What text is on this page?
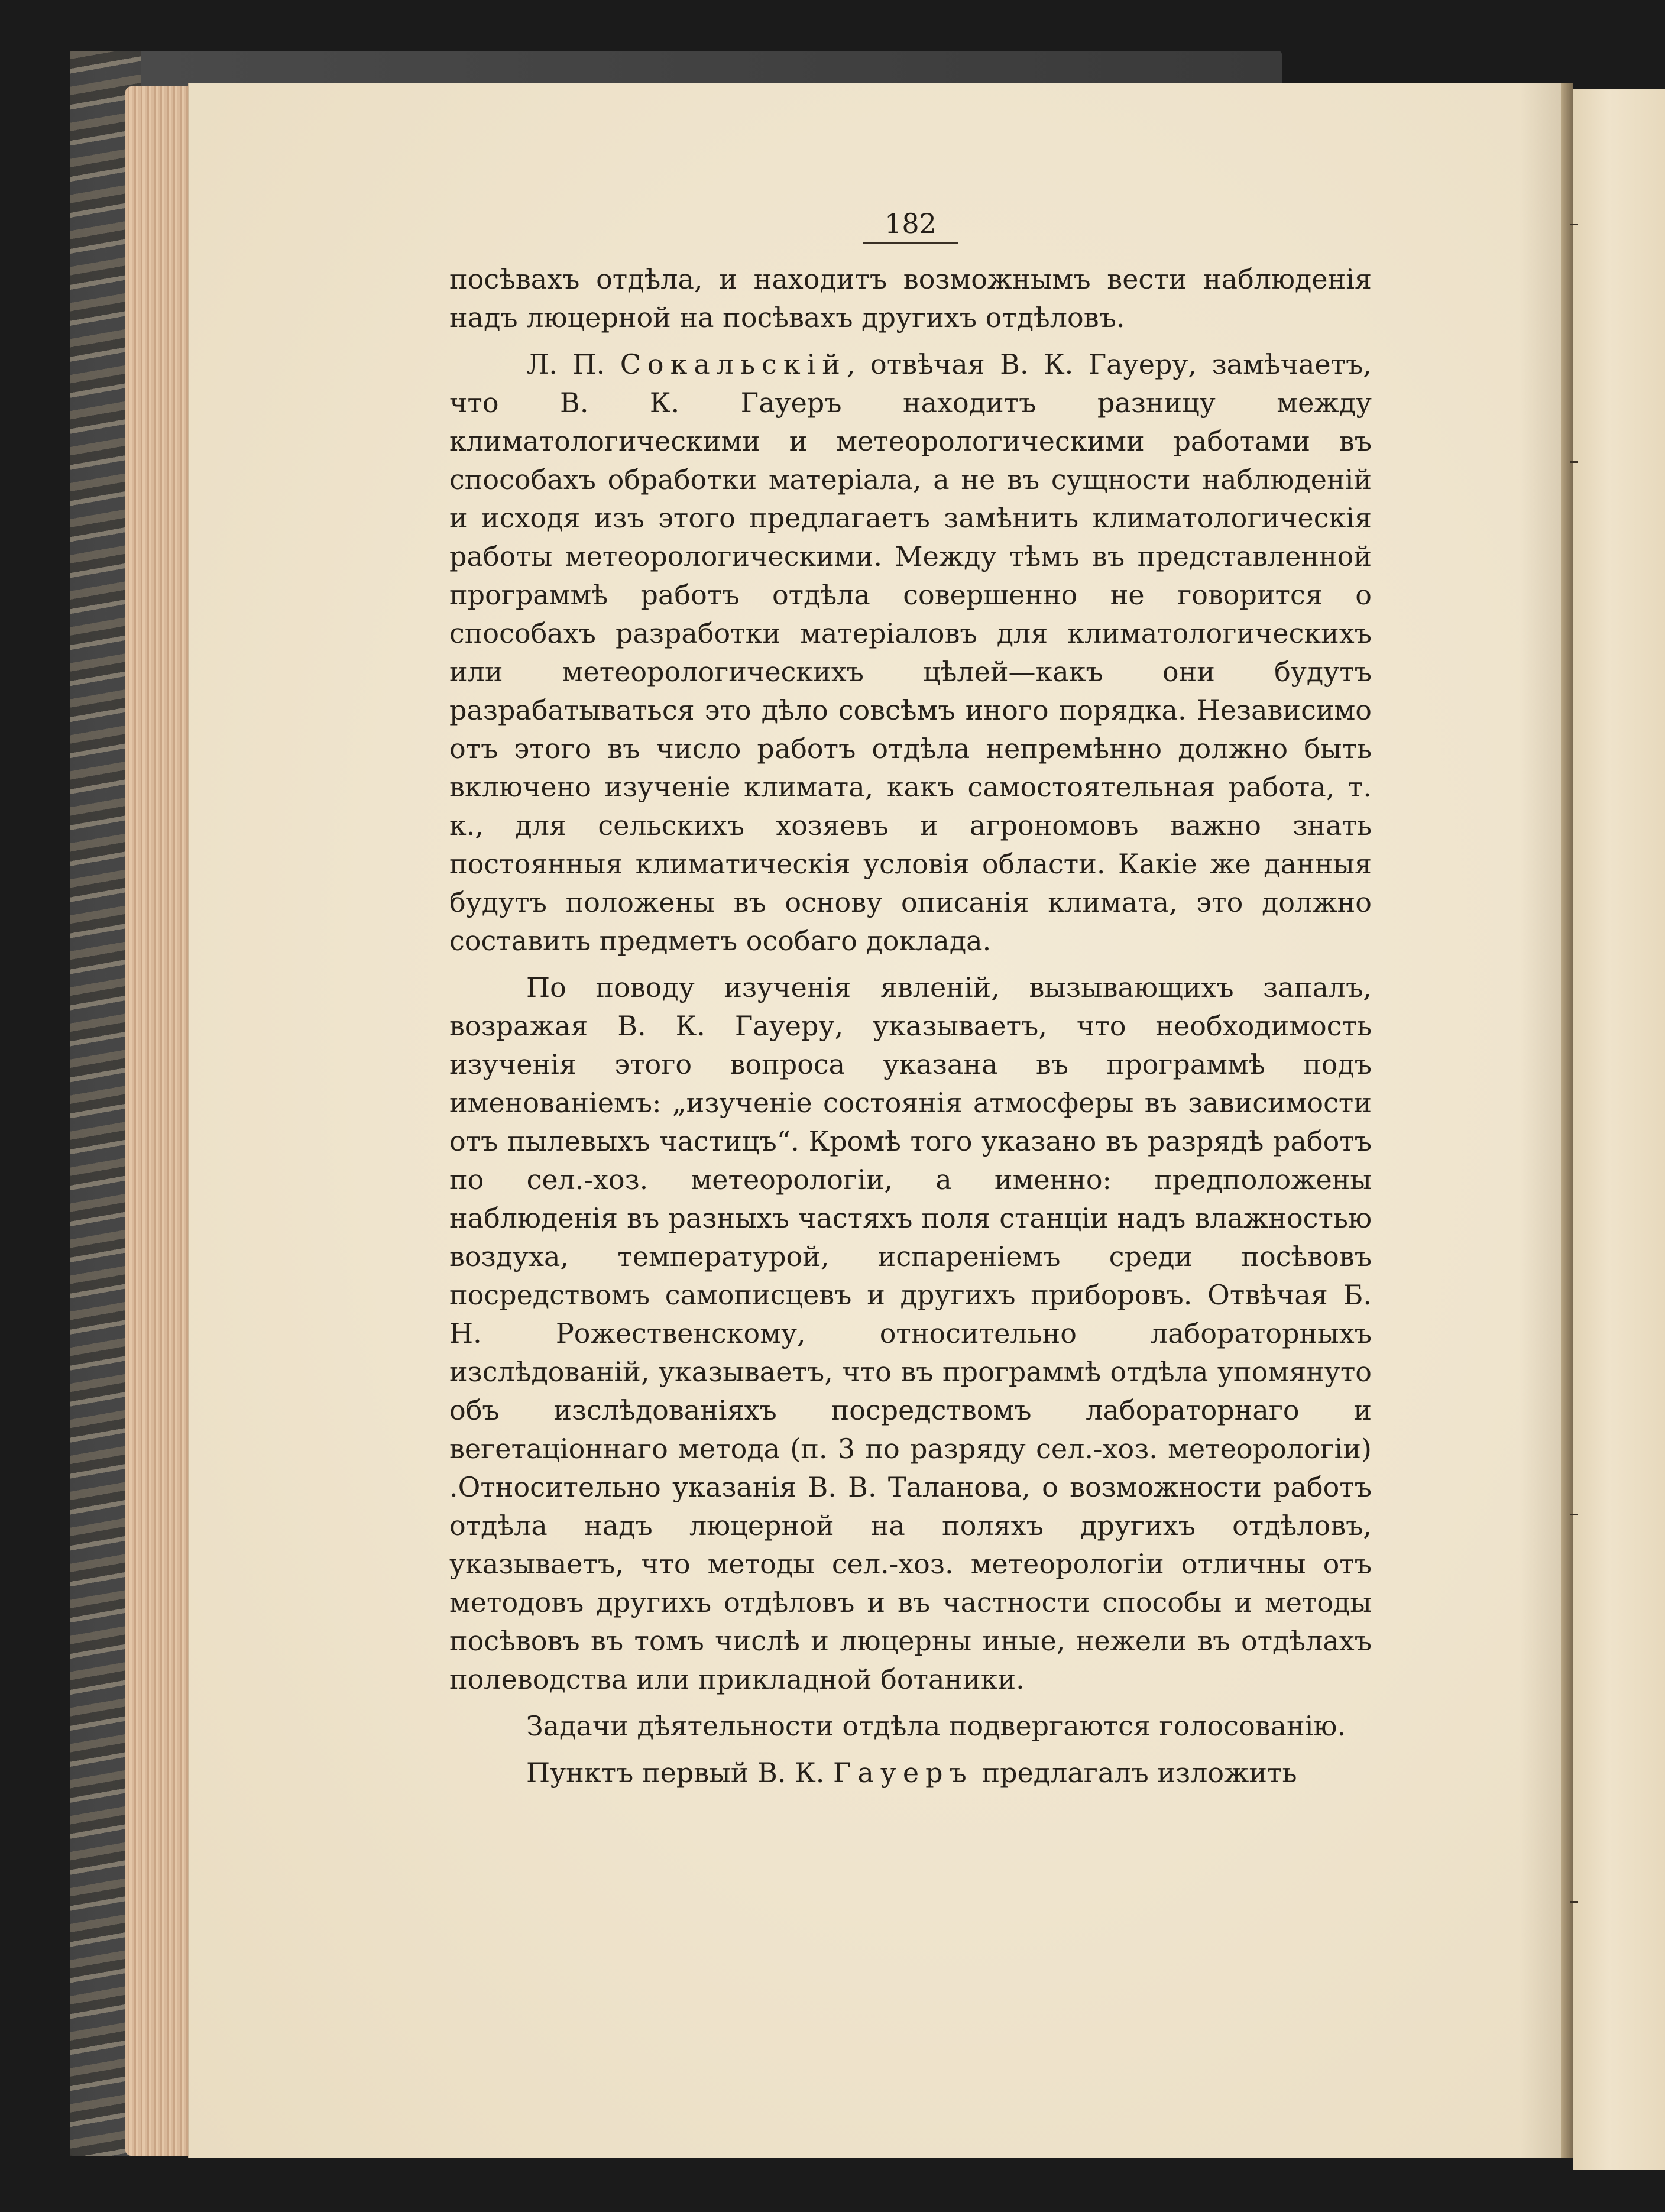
182

посѣвахъ отдѣла, и находитъ возможнымъ вести наблюденія надъ люцерной на посѣвахъ другихъ отдѣловъ.

Л. П. Сокальскій, отвѣчая В. К. Гауеру, замѣчаетъ, что В. К. Гауеръ находитъ разницу между климатологическими и метеорологическими работами въ способахъ обработки матеріала, а не въ сущности наблюденій и исходя изъ этого предлагаетъ замѣнить климатологическія работы метеорологическими. Между тѣмъ въ представленной программѣ работъ отдѣла совершенно не говорится о способахъ разработки матеріаловъ для климатологическихъ или метеорологическихъ цѣлей—какъ они будутъ разрабатываться это дѣло совсѣмъ иного порядка. Независимо отъ этого въ число работъ отдѣла непремѣнно должно быть включено изученіе климата, какъ самостоятельная работа, т. к., для сельскихъ хозяевъ и агрономовъ важно знать постоянныя климатическія условія области. Какіе же данныя будутъ положены въ основу описанія климата, это должно составить предметъ особаго доклада.

По поводу изученія явленій, вызывающихъ запалъ, возражая В. К. Гауеру, указываетъ, что необходимость изученія этого вопроса указана въ программѣ подъ именованіемъ: „изученіе состоянія атмосферы въ зависимости отъ пылевыхъ частицъ“. Кромѣ того указано въ разрядѣ работъ по сел.-хоз. метеорологіи, а именно: предположены наблюденія въ разныхъ частяхъ поля станціи надъ влажностью воздуха, температурой, испареніемъ среди посѣвовъ посредствомъ самописцевъ и другихъ приборовъ. Отвѣчая Б. Н. Рожественскому, относительно лабораторныхъ изслѣдованій, указываетъ, что въ программѣ отдѣла упомянуто объ изслѣдованіяхъ посредствомъ лабораторнаго и вегетаціоннаго метода (п. 3 по разряду сел.-хоз. метеорологіи) .Относительно указанія В. В. Таланова, о возможности работъ отдѣла надъ люцерной на поляхъ другихъ отдѣловъ, указываетъ, что методы сел.-хоз. метеорологіи отличны отъ методовъ другихъ отдѣловъ и въ частности способы и методы посѣвовъ въ томъ числѣ и люцерны иные, нежели въ отдѣлахъ полеводства или прикладной ботаники.

Задачи дѣятельности отдѣла подвергаются голосованію.

Пунктъ первый В. К. Гауеръ предлагалъ изложить
